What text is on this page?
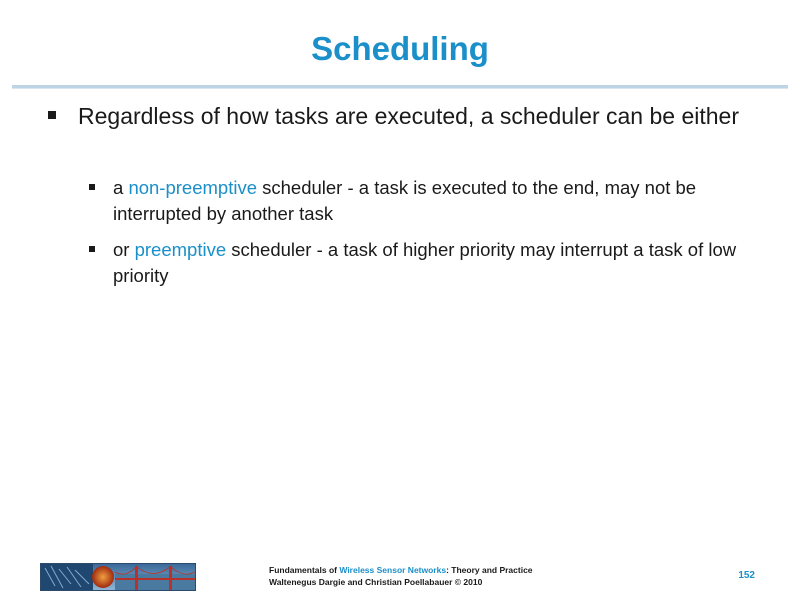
Scheduling
Regardless of how tasks are executed, a scheduler can be either
a non-preemptive scheduler - a task is executed to the end, may not be interrupted by another task
or preemptive scheduler - a task of higher priority may interrupt a task of low priority
Fundamentals of Wireless Sensor Networks: Theory and Practice
Waltenegus Dargie and Christian Poellabauer © 2010
152
